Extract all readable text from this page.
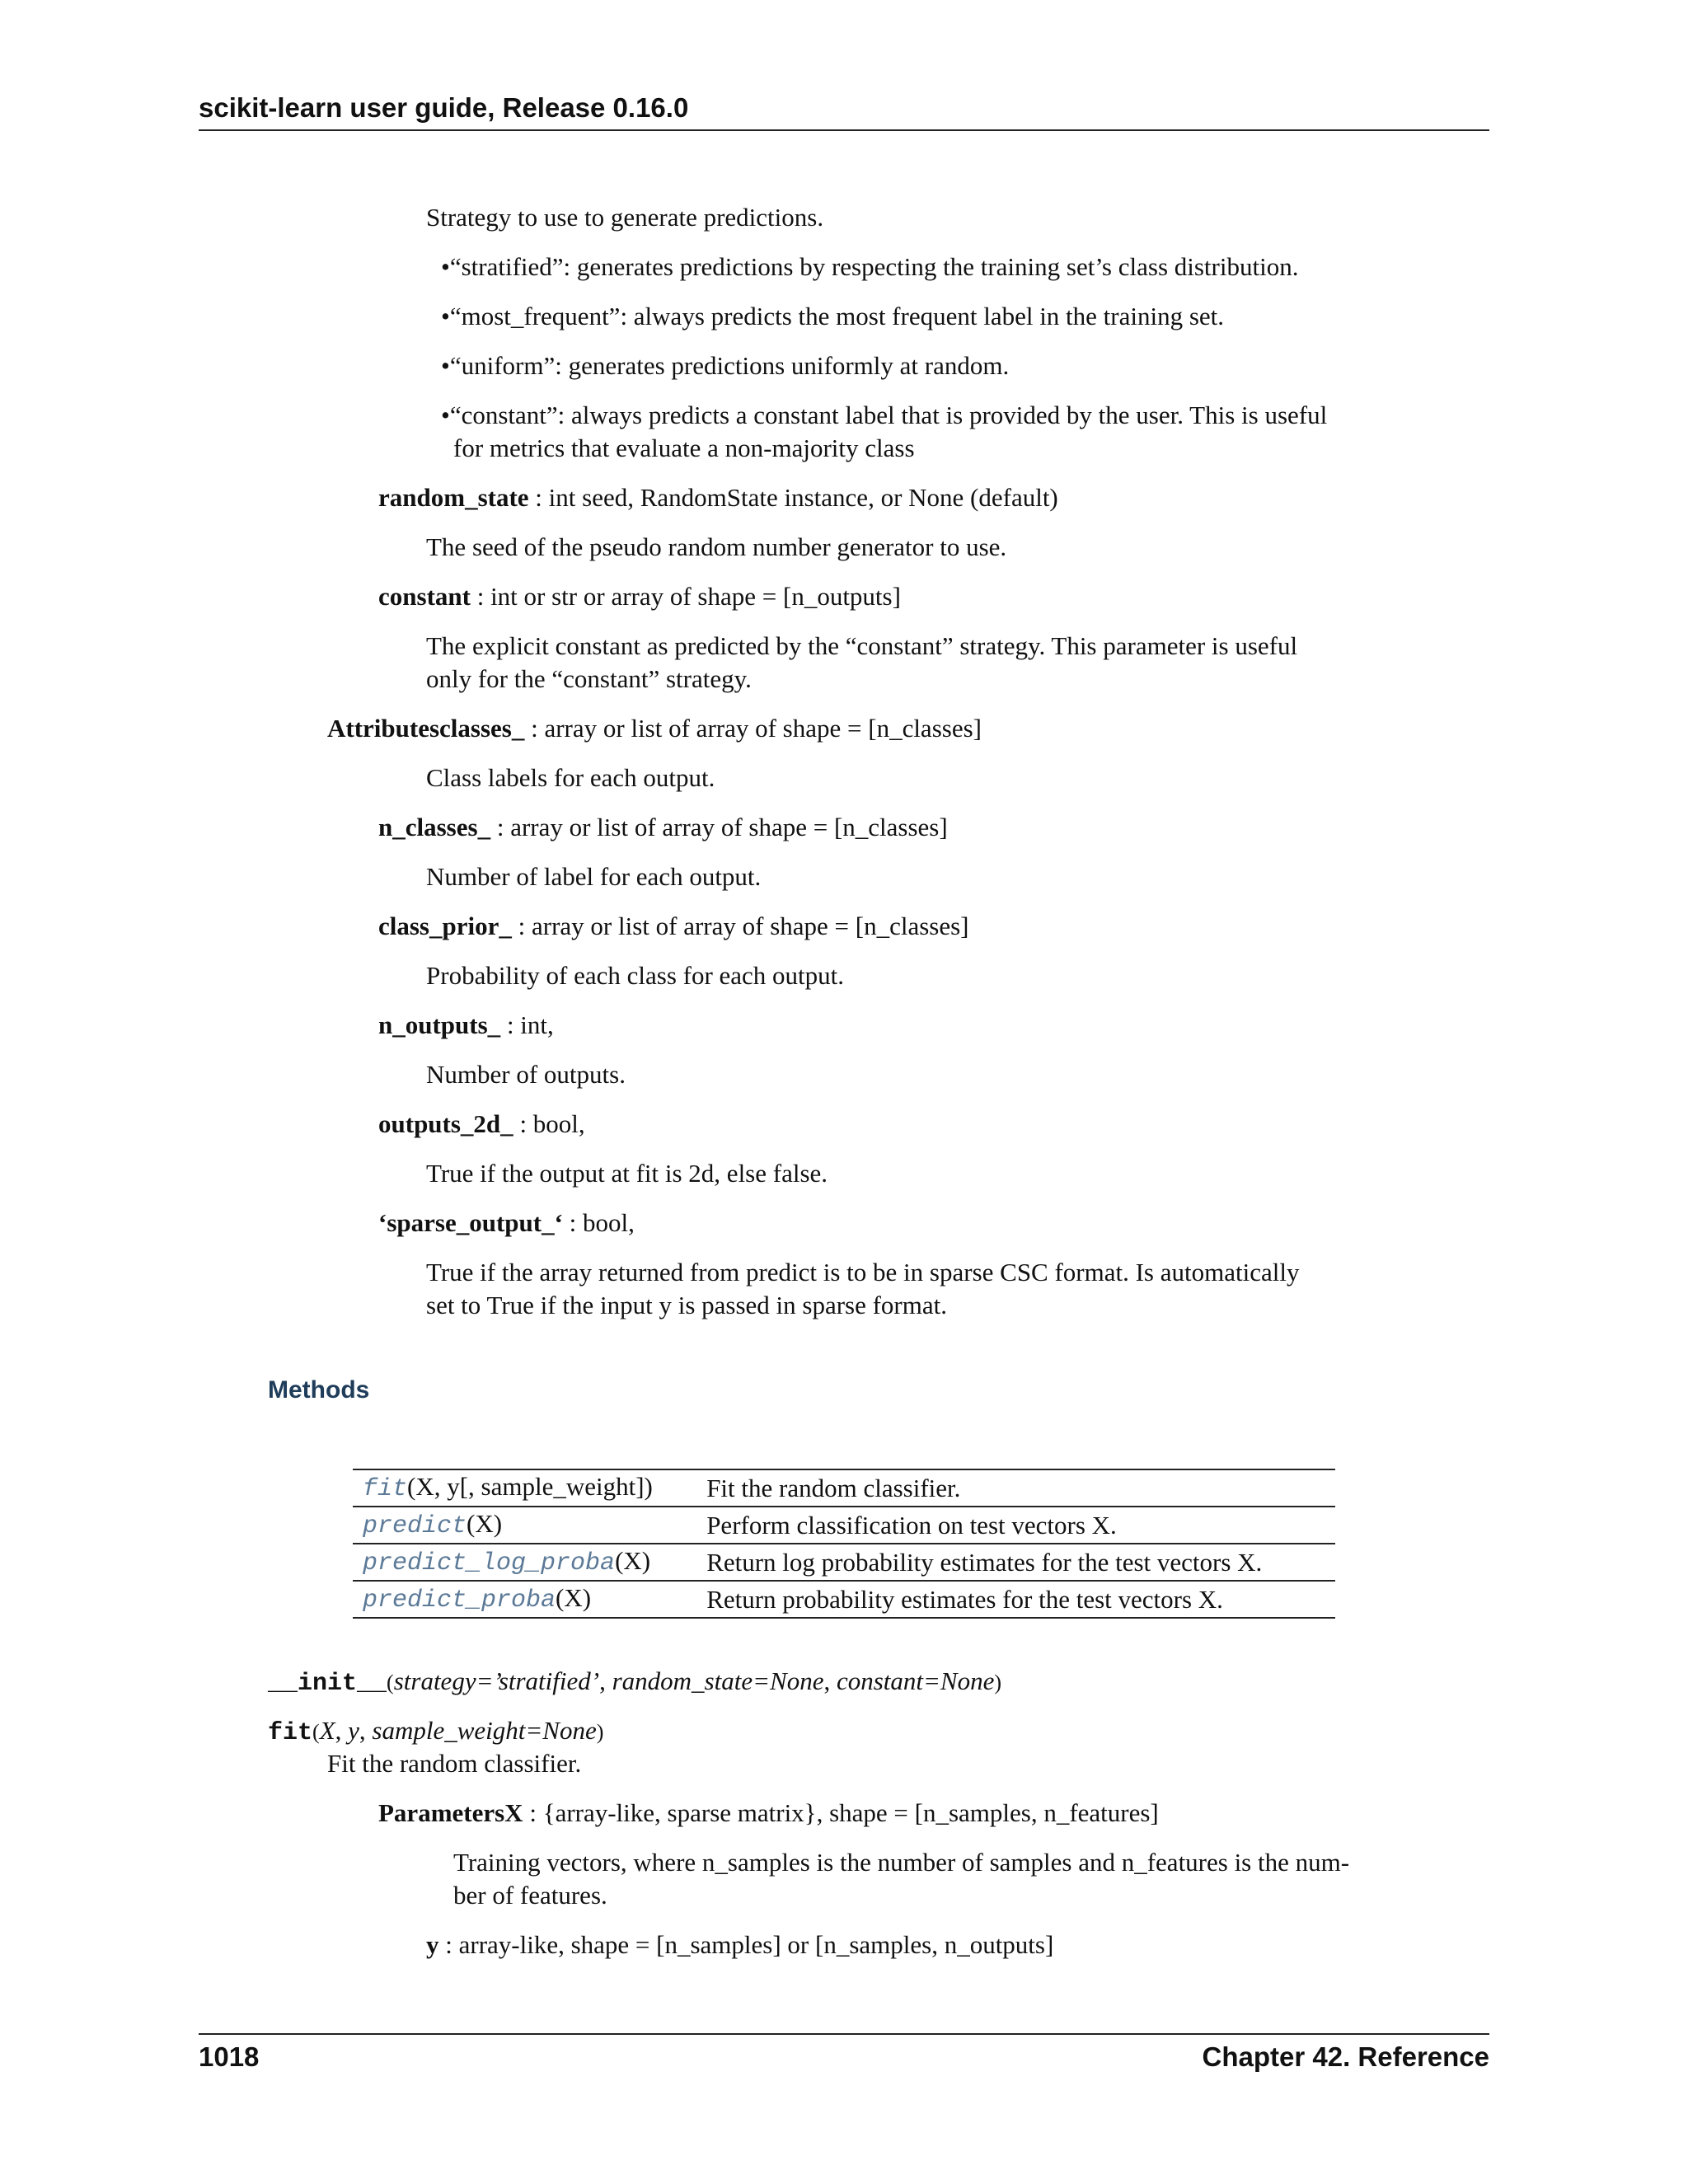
scikit-learn user guide, Release 0.16.0
Strategy to use to generate predictions.
•“stratified”: generates predictions by respecting the training set’s class distribution.
•“most_frequent”: always predicts the most frequent label in the training set.
•“uniform”: generates predictions uniformly at random.
•“constant”: always predicts a constant label that is provided by the user. This is useful
for metrics that evaluate a non-majority class
random_state : int seed, RandomState instance, or None (default)
The seed of the pseudo random number generator to use.
constant : int or str or array of shape = [n_outputs]
The explicit constant as predicted by the “constant” strategy. This parameter is useful
only for the “constant” strategy.
Attributesclasses_ : array or list of array of shape = [n_classes]
Class labels for each output.
n_classes_ : array or list of array of shape = [n_classes]
Number of label for each output.
class_prior_ : array or list of array of shape = [n_classes]
Probability of each class for each output.
n_outputs_ : int,
Number of outputs.
outputs_2d_ : bool,
True if the output at fit is 2d, else false.
‘sparse_output_‘ : bool,
True if the array returned from predict is to be in sparse CSC format. Is automatically
set to True if the input y is passed in sparse format.
Methods
fit(X, y[, sample_weight])	Fit the random classifier.
predict(X)	Perform classification on test vectors X.
predict_log_proba(X)	Return log probability estimates for the test vectors X.
predict_proba(X)	Return probability estimates for the test vectors X.
__init__(strategy=’stratified’, random_state=None, constant=None)
fit(X, y, sample_weight=None)
Fit the random classifier.
ParametersX : {array-like, sparse matrix}, shape = [n_samples, n_features]
Training vectors, where n_samples is the number of samples and n_features is the num-
ber of features.
y : array-like, shape = [n_samples] or [n_samples, n_outputs]
1018	Chapter 42. Reference
